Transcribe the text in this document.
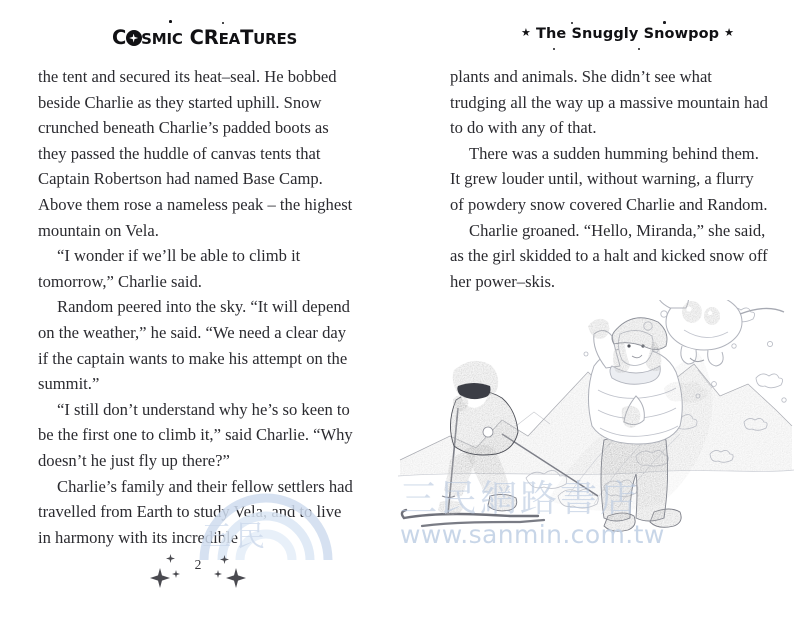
C SMIC CREATURES	★ The Snuggly Snowpop ★

the tent and secured its heat–seal. He bobbed beside Charlie as they started uphill. Snow crunched beneath Charlie’s padded boots as they passed the huddle of canvas tents that Captain Robertson had named Base Camp. Above them rose a nameless peak – the highest mountain on Vela.

“I wonder if we’ll be able to climb it tomorrow,” Charlie said.

Random peered into the sky. “It will depend on the weather,” he said. “We need a clear day if the captain wants to make his attempt on the summit.”

“I still don’t understand why he’s so keen to be the first one to climb it,” said Charlie. “Why doesn’t he just fly up there?”

Charlie’s family and their fellow settlers had travelled from Earth to study Vela, and to live in harmony with its incredible

plants and animals. She didn’t see what trudging all the way up a massive mountain had to do with any of that.

There was a sudden humming behind them. It grew louder until, without warning, a flurry of powdery snow covered Charlie and Random.

Charlie groaned. “Hello, Miranda,” she said, as the girl skidded to a halt and kicked snow off her power–skis.

三民
三民網路書店
www.sanmin.com.tw
2
